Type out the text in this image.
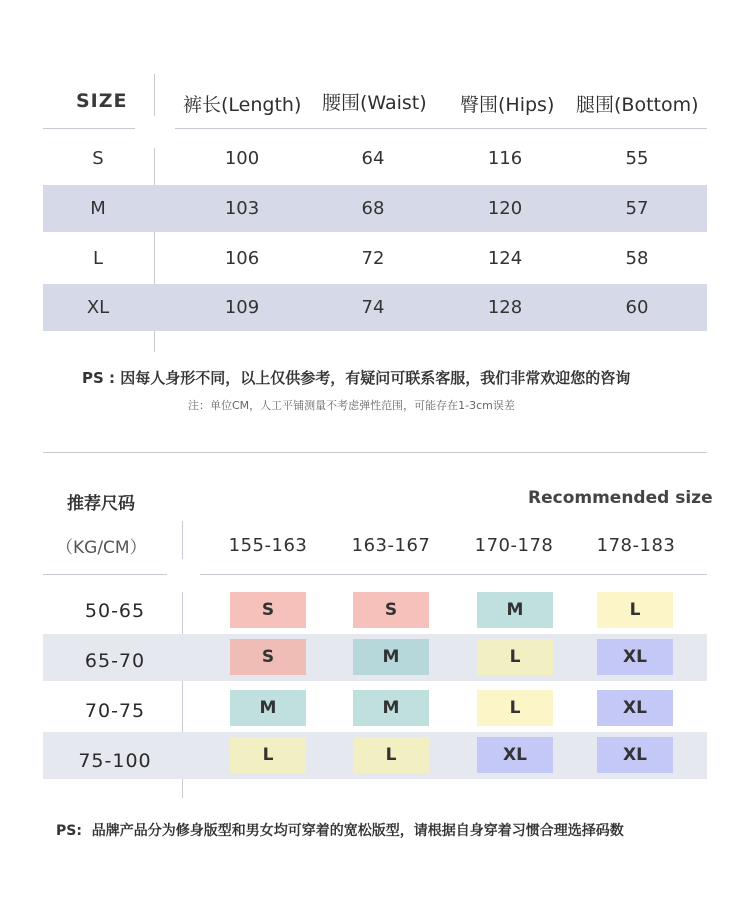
SIZE	裤长(Length) 腰围(Waist) 臀围(Hips) 腿围(Bottom)
S	100	64	116	55
M	103	68	120	57
L	106	72	124	58
XL	109	74	128	60
PS : 因每人身形不同，以上仅供参考，有疑问可联系客服，我们非常欢迎您的咨询
注：单位CM，人工平铺测量不考虑弹性范围，可能存在1-3cm误差
推荐尺码	Recommended size
（KG/CM）	155-163 163-167 170-178 178-183
50-65	S	S	M	L
65-70	S	M	L	XL
70-75	M	M	L	XL
75-100	L	L	XL	XL
PS:  品牌产品分为修身版型和男女均可穿着的宽松版型，请根据自身穿着习惯合理选择码数
